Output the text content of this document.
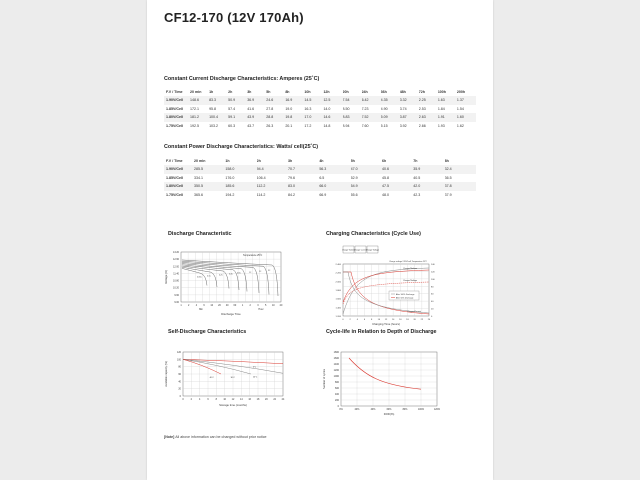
CF12-170 (12V 170Ah)
Constant Current Discharge Characteristics: Amperes (25˚C)
F.V / Time	20 min	1h	2h	3h	5h	8h	10h	12h	20h	24h	36h	48h	72h	100h	200h
1.90V/Cell	148.6	83.3	50.9	36.9	24.6	16.9	14.5	12.5	7.54	6.42	4.35	3.32	2.25	1.63	1.37
1.85V/Cell	172.1	95.8	57.4	41.6	27.8	19.0	16.3	14.0	8.50	7.23	4.90	3.74	2.53	1.84	1.54
1.80V/Cell	181.2	100.4	59.1	43.9	28.8	19.8	17.0	14.6	8.83	7.52	5.09	3.87	2.63	1.91	1.60
1.75V/Cell	192.5	103.2	60.3	43.7	26.3	20.1	17.2	14.8	8.94	7.60	5.15	3.92	2.66	1.93	1.62
Constant Power Discharge Characteristics: Watts/ cell(25˚C)
F.V / Time	20 min	1h	2h	3h	4h	5h	6h	7h	8h
1.90V/Cell	285.5	158.0	94.4	70.7	56.3	47.0	40.6	35.9	32.4
1.85V/Cell	334.1	176.0	106.4	79.6	6.5	52.9	45.8	40.5	36.5
1.80V/Cell	350.5	185.6	112.2	83.0	66.0	54.9	47.5	42.0	37.8
1.75V/Cell	365.6	194.2	114.2	84.2	66.9	55.6	48.0	42.3	37.9
Discharge Characteristic	Charging Characteristics (Cycle Use)
Self-Discharge Characteristics	Cycle-life in Relation to Depth of Discharge
13.20
12.60
12.00
11.40
10.80
10.20
9.60
9.00
1	2	4	6 10 20 40 60 1	2	3	5 10 20
Min	Hour
Discharge Time
Voltage (V)
Temperature 25˚C
3C
2C
1C
0.6C
0.4C
0.2C
0.1C
0.05C
Charge Volume
Charge Current
Charge Voltage
Charge voltage 2.35V/cell, Temperature 25˚C
2.400
2.200
2.000
1.800
1.600
1.400
1.200
140
120
100
80
60
40
20
0
0	2	4	6	8	10	12	14	16	18	20	22	24
Charging Time (hours)
Charged Volume
Charged Voltage
After 100% Discharge
After 50% Discharge
Charged Current
120
100
80
60
40
20
0
0	2	4	6	8	10 12 14 16 18 20 22 24
Storage time (months)
Available capacity (%)	0°C
20°C
30°C
40°C
1800
1600
1400
1200
1000
800
600
400
200
0
0%	20%	40%	60%	80%	100%	120%
DOD(%)
Number of cycles
[Note] All above information can be changed without prior notice
